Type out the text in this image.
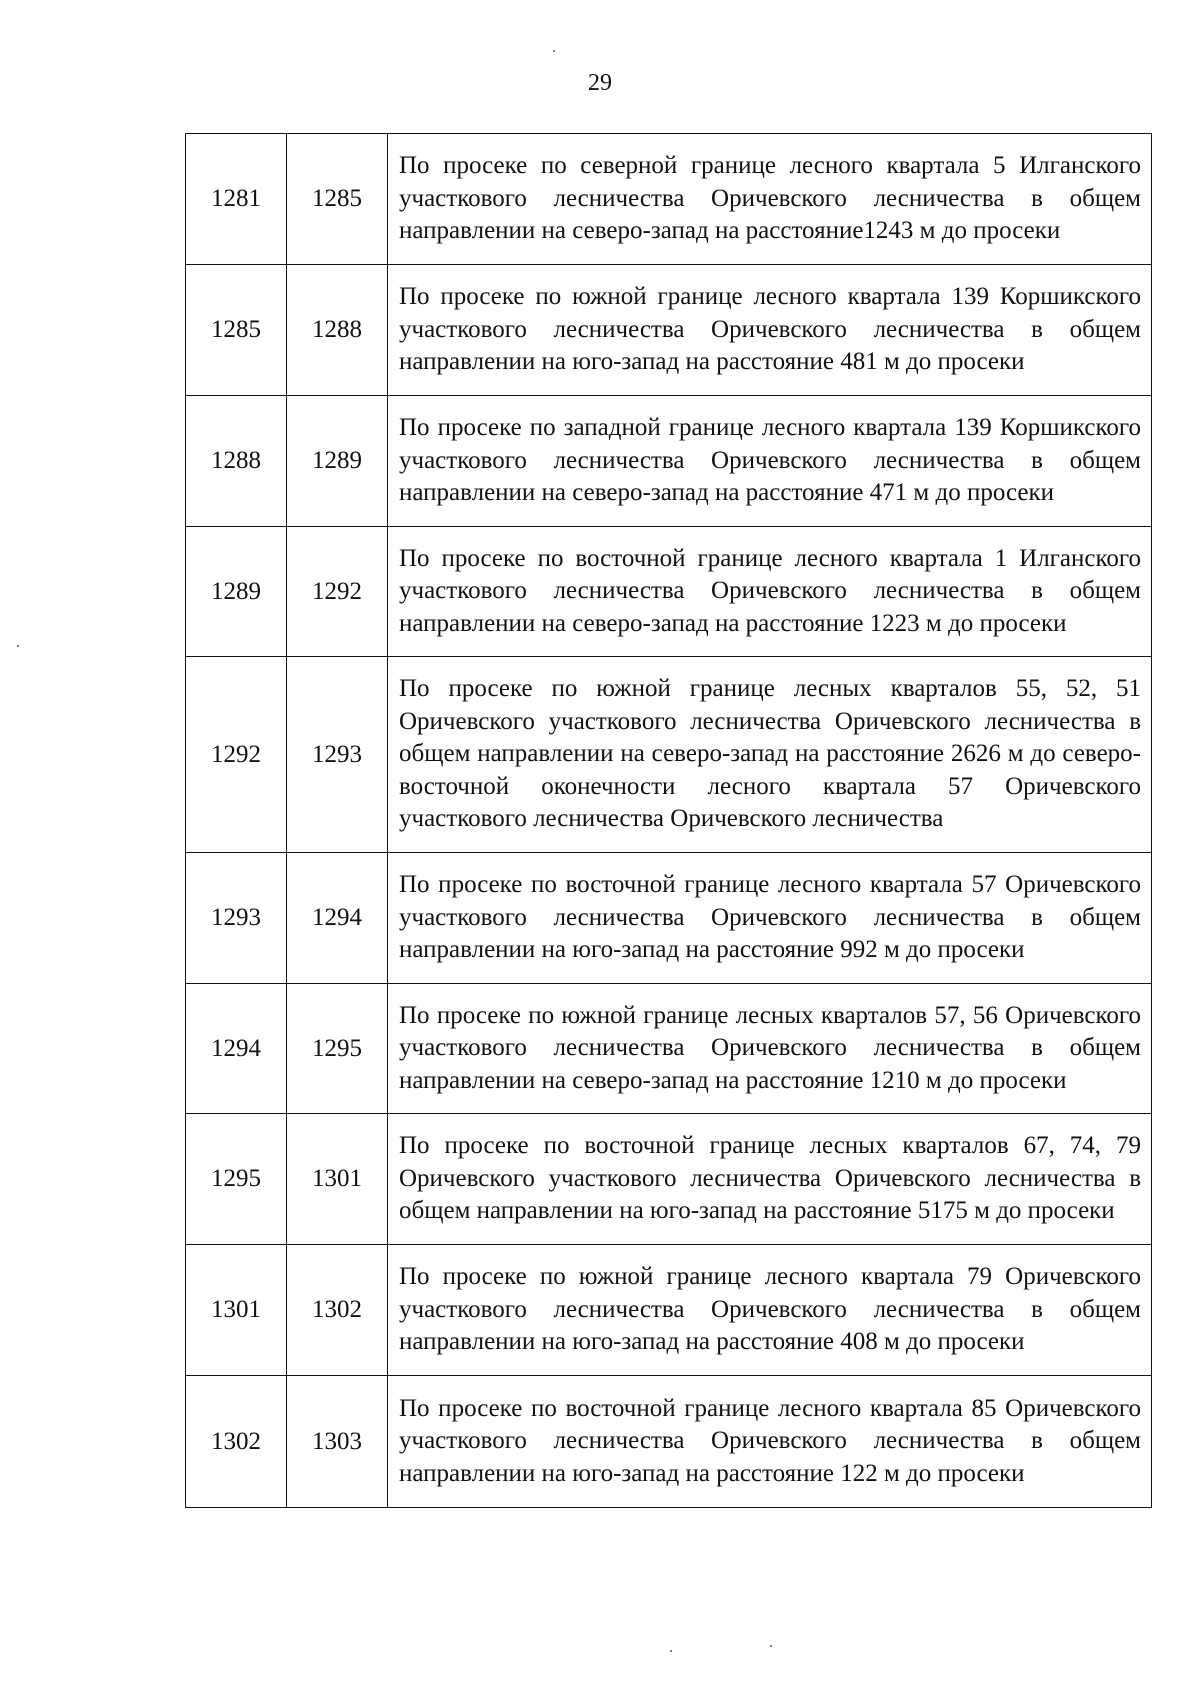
29
1281	1285	По просеке по северной границе лесного квартала 5 Илганского участкового лесничества Оричевского лесничества в общем направлении на северо-запад на расстояние1243 м до просеки
1285	1288	По просеке по южной границе лесного квартала 139 Коршикского участкового лесничества Оричевского лесничества в общем направлении на юго-запад на расстояние 481 м до просеки
1288	1289	По просеке по западной границе лесного квартала 139 Коршикского участкового лесничества Оричевского лесничества в общем направлении на северо-запад на расстояние 471 м до просеки
1289	1292	По просеке по восточной границе лесного квартала 1 Илганского участкового лесничества Оричевского лесничества в общем направлении на северо-запад на расстояние 1223 м до просеки
1292	1293	По просеке по южной границе лесных кварталов 55, 52, 51 Оричевского участкового лесничества Оричевского лесничества в общем направлении на северо-запад на расстояние 2626 м до северо-восточной оконечности лесного квартала 57 Оричевского участкового лесничества Оричевского лесничества
1293	1294	По просеке по восточной границе лесного квартала 57 Оричевского участкового лесничества Оричевского лесничества в общем направлении на юго-запад на расстояние 992 м до просеки
1294	1295	По просеке по южной границе лесных кварталов 57, 56 Оричевского участкового лесничества Оричевского лесничества в общем направлении на северо-запад на расстояние 1210 м до просеки
1295	1301	По просеке по восточной границе лесных кварталов 67, 74, 79 Оричевского участкового лесничества Оричевского лесничества в общем направлении на юго-запад на расстояние 5175 м до просеки
1301	1302	По просеке по южной границе лесного квартала 79 Оричевского участкового лесничества Оричевского лесничества в общем направлении на юго-запад на расстояние 408 м до просеки
1302	1303	По просеке по восточной границе лесного квартала 85 Оричевского участкового лесничества Оричевского лесничества в общем направлении на юго-запад на расстояние 122 м до просеки
